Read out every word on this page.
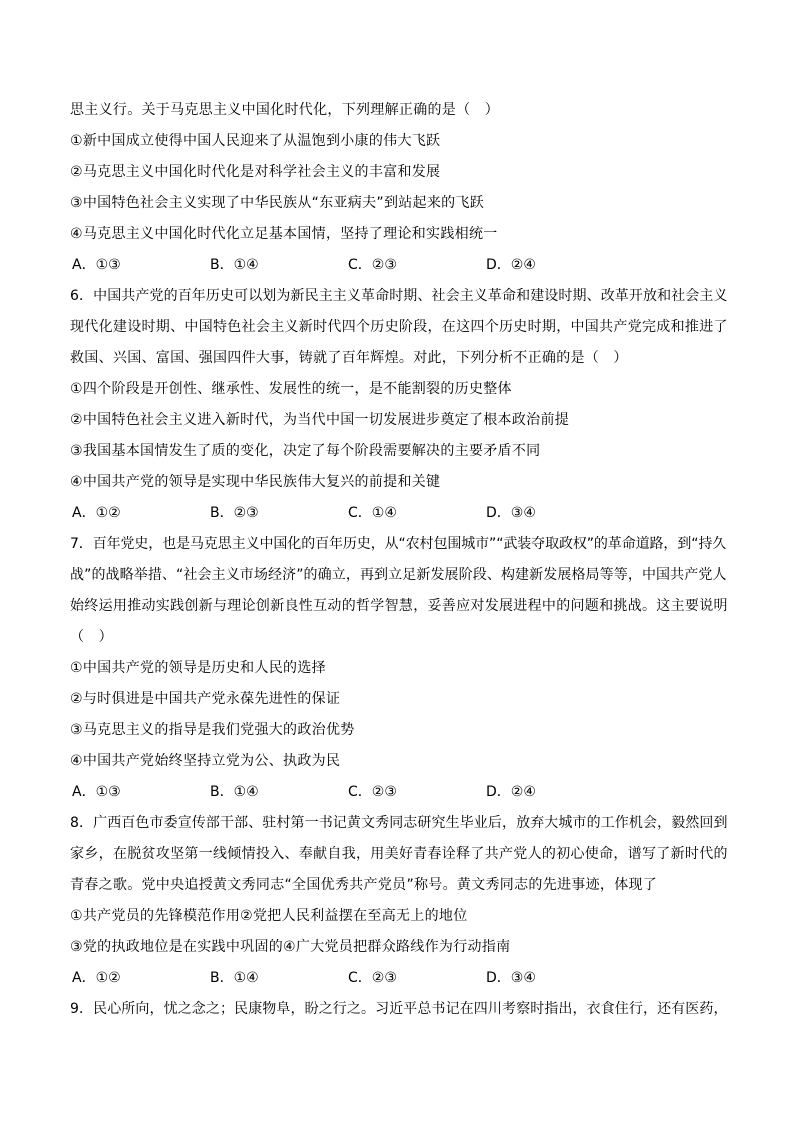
思主义行。关于马克思主义中国化时代化，下列理解正确的是（　）
①新中国成立使得中国人民迎来了从温饱到小康的伟大飞跃
②马克思主义中国化时代化是对科学社会主义的丰富和发展
③中国特色社会主义实现了中华民族从“东亚病夫”到站起来的飞跃
④马克思主义中国化时代化立足基本国情，坚持了理论和实践相统一
A．①③	B．①④	C．②③	D．②④
6．中国共产党的百年历史可以划为新民主主义革命时期、社会主义革命和建设时期、改革开放和社会主义
现代化建设时期、中国特色社会主义新时代四个历史阶段，在这四个历史时期，中国共产党完成和推进了
救国、兴国、富国、强国四件大事，铸就了百年辉煌。对此，下列分析不正确的是（　）
①四个阶段是开创性、继承性、发展性的统一，是不能割裂的历史整体
②中国特色社会主义进入新时代，为当代中国一切发展进步奠定了根本政治前提
③我国基本国情发生了质的变化，决定了每个阶段需要解决的主要矛盾不同
④中国共产党的领导是实现中华民族伟大复兴的前提和关键
A．①②	B．②③	C．①④	D．③④
7．百年党史，也是马克思主义中国化的百年历史，从“农村包围城市”“武装夺取政权”的革命道路，到“持久
战”的战略举措、“社会主义市场经济”的确立，再到立足新发展阶段、构建新发展格局等等，中国共产党人
始终运用推动实践创新与理论创新良性互动的哲学智慧，妥善应对发展进程中的问题和挑战。这主要说明
（　）
①中国共产党的领导是历史和人民的选择
②与时俱进是中国共产党永葆先进性的保证
③马克思主义的指导是我们党强大的政治优势
④中国共产党始终坚持立党为公、执政为民
A．①③	B．①④	C．②③	D．②④
8．广西百色市委宣传部干部、驻村第一书记黄文秀同志研究生毕业后，放弃大城市的工作机会，毅然回到
家乡，在脱贫攻坚第一线倾情投入、奉献自我，用美好青春诠释了共产党人的初心使命，谱写了新时代的
青春之歌。党中央追授黄文秀同志“全国优秀共产党员”称号。黄文秀同志的先进事迹，体现了
①共产党员的先锋模范作用②党把人民利益摆在至高无上的地位
③党的执政地位是在实践中巩固的④广大党员把群众路线作为行动指南
A．①②	B．①④	C．②③	D．③④
9．民心所向，忧之念之；民康物阜，盼之行之。习近平总书记在四川考察时指出，衣食住行，还有医药，
